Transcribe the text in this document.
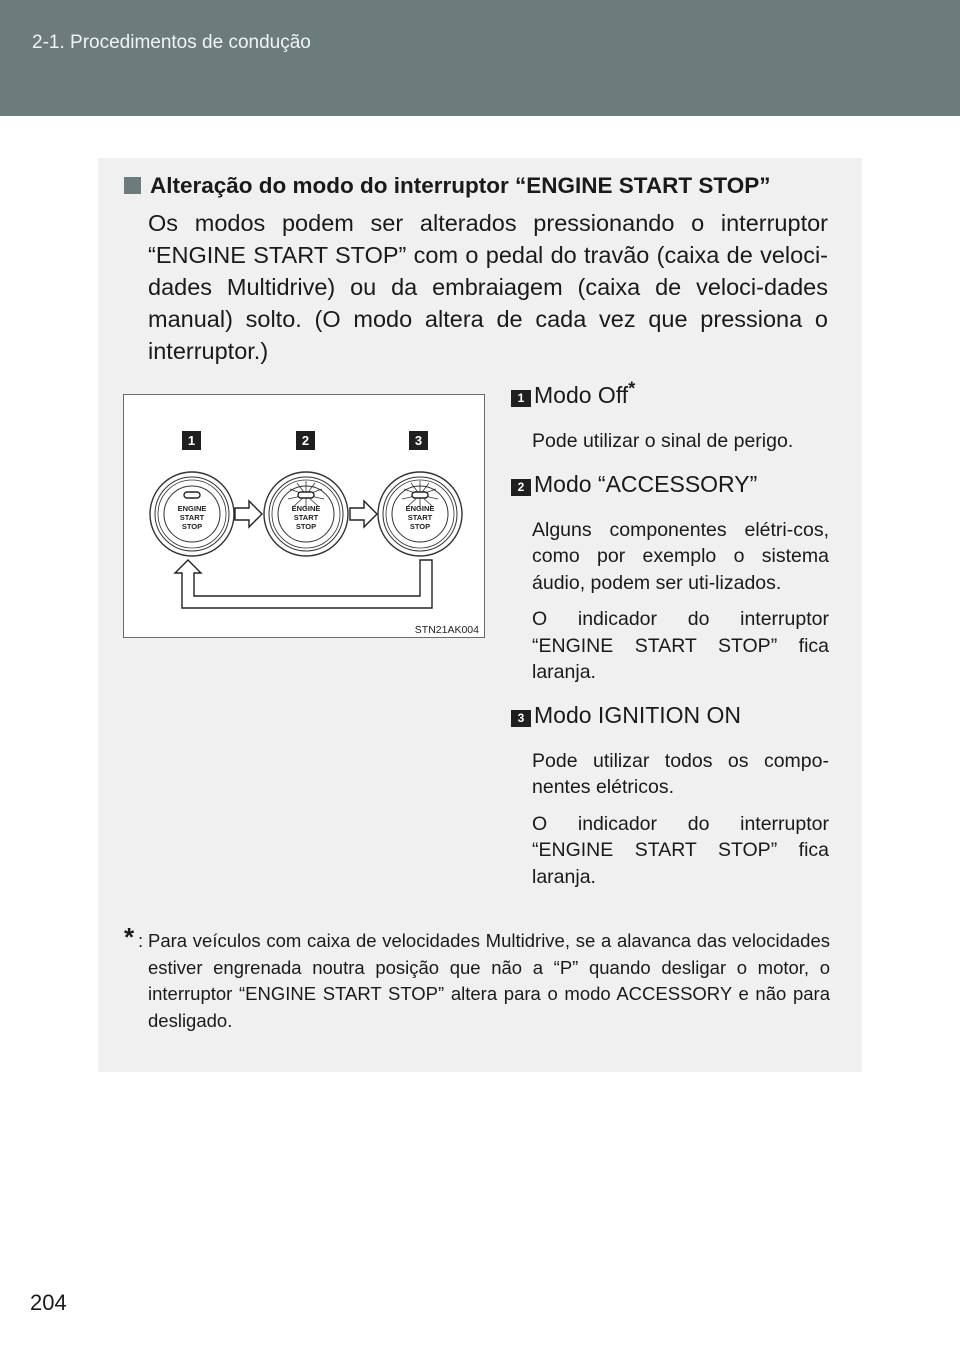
2-1. Procedimentos de condução
Alteração do modo do interruptor “ENGINE START STOP”
Os modos podem ser alterados pressionando o interruptor “ENGINE START STOP” com o pedal do travão (caixa de veloci-dades Multidrive) ou da embraiagem (caixa de veloci-dades manual) solto. (O modo altera de cada vez que pressiona o interruptor.)
1	2	3
ENGINE
START
STOP
ENGINE
START
STOP
ENGINE
START
STOP
STN21AK004
1 Modo Off*
Pode utilizar o sinal de perigo.
2 Modo “ACCESSORY”
Alguns componentes elétri-cos, como por exemplo o sistema áudio, podem ser uti-lizados.
O indicador do interruptor “ENGINE START STOP” fica laranja.
3 Modo IGNITION ON
Pode utilizar todos os compo-nentes elétricos.
O indicador do interruptor “ENGINE START STOP” fica laranja.
* : Para veículos com caixa de velocidades Multidrive, se a alavanca das velocidades estiver engrenada noutra posição que não a “P” quando desligar o motor, o interruptor “ENGINE START STOP” altera para o modo ACCESSORY e não para desligado.
204
